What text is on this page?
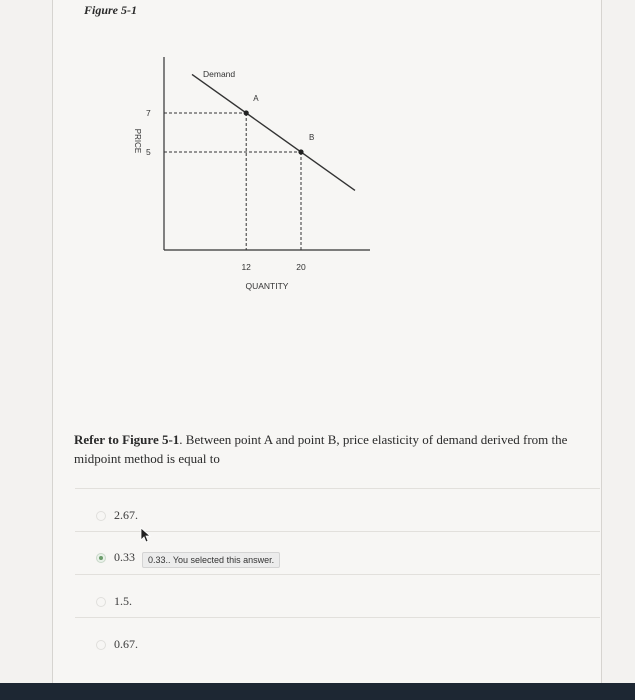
Figure 5-1
A
B
Demand
7
5
12	20
QUANTITY
PRICE
Refer to Figure 5-1. Between point A and point B, price elasticity of demand derived from the midpoint method is equal to
2.67.
0.33	0.33.. You selected this answer.
1.5.
0.67.
